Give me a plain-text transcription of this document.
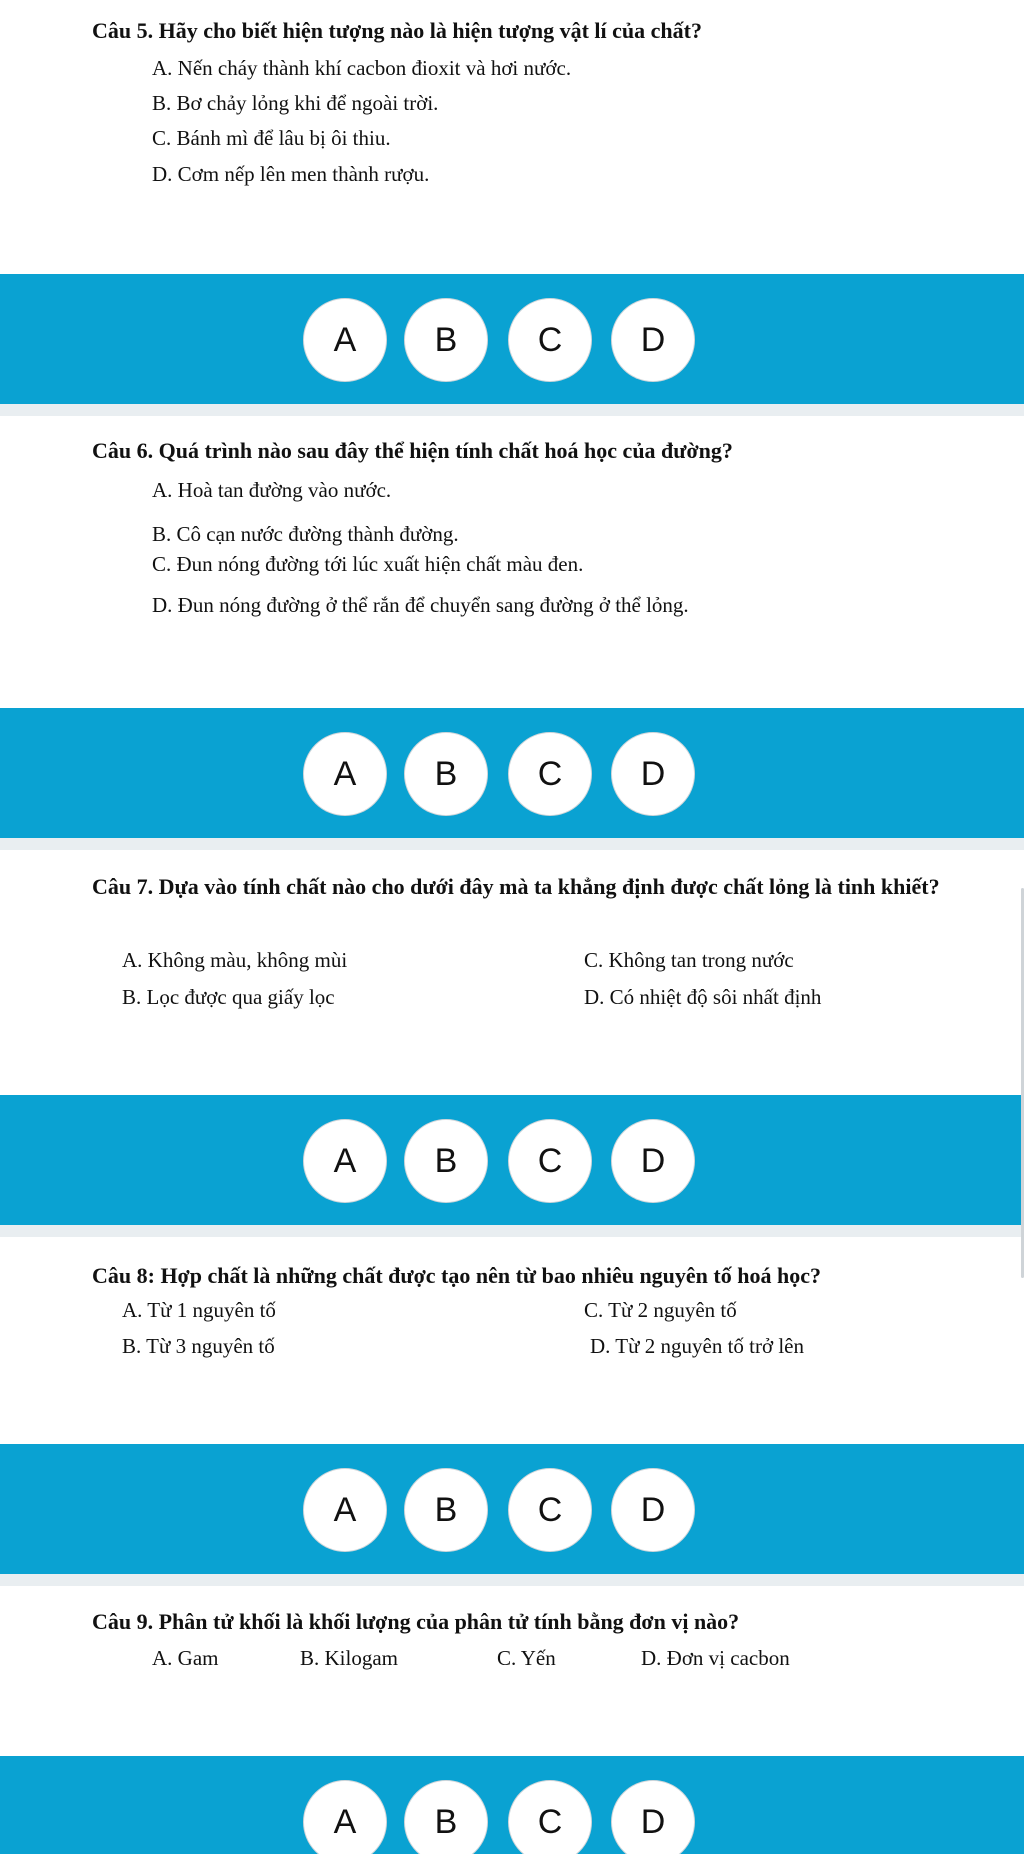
Câu 5. Hãy cho biết hiện tượng nào là hiện tượng vật lí của chất?
A. Nến cháy thành khí cacbon đioxit và hơi nước.
B. Bơ chảy lỏng khi để ngoài trời.
C. Bánh mì để lâu bị ôi thiu.
D. Cơm nếp lên men thành rượu.
A	B	C	D
Câu 6. Quá trình nào sau đây thể hiện tính chất hoá học của đường?
A. Hoà tan đường vào nước.
B. Cô cạn nước đường thành đường.
C. Đun nóng đường tới lúc xuất hiện chất màu đen.
D. Đun nóng đường ở thể rắn để chuyển sang đường ở thể lỏng.
A	B	C	D
Câu 7. Dựa vào tính chất nào cho dưới đây mà ta khẳng định được chất lỏng là tinh khiết?
A. Không màu, không mùi	C. Không tan trong nước
B. Lọc được qua giấy lọc	D. Có nhiệt độ sôi nhất định
A	B	C	D
Câu 8: Hợp chất là những chất được tạo nên từ bao nhiêu nguyên tố hoá học?
A. Từ 1 nguyên tố	C. Từ 2 nguyên tố
B. Từ 3 nguyên tố	D. Từ 2 nguyên tố trở lên
A	B	C	D
Câu 9. Phân tử khối là khối lượng của phân tử tính bằng đơn vị nào?
A. Gam	B. Kilogam	C. Yến	D. Đơn vị cacbon
A	B	C	D
